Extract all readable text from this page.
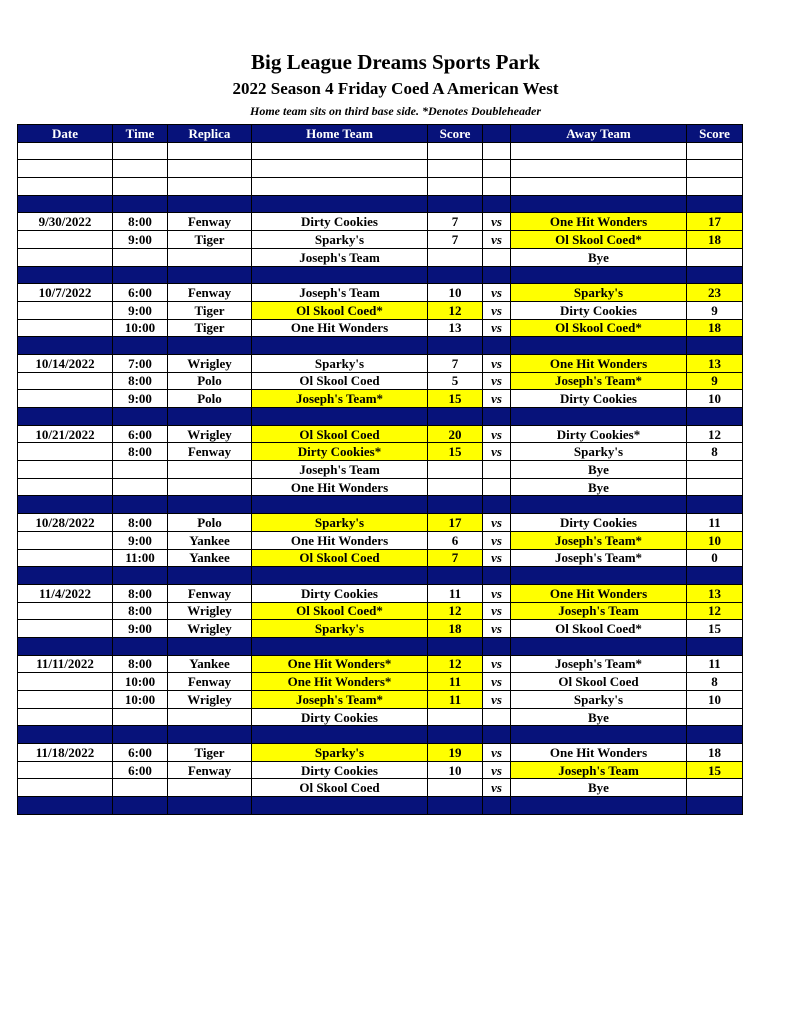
Big League Dreams Sports Park
2022 Season 4 Friday Coed A American West
Home team sits on third base side. *Denotes Doubleheader
Date	Time	Replica	Home Team	Score		Away Team	Score

9/30/2022	8:00	Fenway	Dirty Cookies	7	vs	One Hit Wonders	17
	9:00	Tiger	Sparky's	7	vs	Ol Skool Coed*	18
			Joseph's Team			Bye	

10/7/2022	6:00	Fenway	Joseph's Team	10	vs	Sparky's	23
	9:00	Tiger	Ol Skool Coed*	12	vs	Dirty Cookies	9
	10:00	Tiger	One Hit Wonders	13	vs	Ol Skool Coed*	18

10/14/2022	7:00	Wrigley	Sparky's	7	vs	One Hit Wonders	13
	8:00	Polo	Ol Skool Coed	5	vs	Joseph's Team*	9
	9:00	Polo	Joseph's Team*	15	vs	Dirty Cookies	10

10/21/2022	6:00	Wrigley	Ol Skool Coed	20	vs	Dirty Cookies*	12
	8:00	Fenway	Dirty Cookies*	15	vs	Sparky's	8
			Joseph's Team			Bye	
			One Hit Wonders			Bye	

10/28/2022	8:00	Polo	Sparky's	17	vs	Dirty Cookies	11
	9:00	Yankee	One Hit Wonders	6	vs	Joseph's Team*	10
	11:00	Yankee	Ol Skool Coed	7	vs	Joseph's Team*	0

11/4/2022	8:00	Fenway	Dirty Cookies	11	vs	One Hit Wonders	13
	8:00	Wrigley	Ol Skool Coed*	12	vs	Joseph's Team	12
	9:00	Wrigley	Sparky's	18	vs	Ol Skool Coed*	15

11/11/2022	8:00	Yankee	One Hit Wonders*	12	vs	Joseph's Team*	11
	10:00	Fenway	One Hit Wonders*	11	vs	Ol Skool Coed	8
	10:00	Wrigley	Joseph's Team*	11	vs	Sparky's	10
			Dirty Cookies			Bye	

11/18/2022	6:00	Tiger	Sparky's	19	vs	One Hit Wonders	18
	6:00	Fenway	Dirty Cookies	10	vs	Joseph's Team	15
			Ol Skool Coed		vs	Bye	
